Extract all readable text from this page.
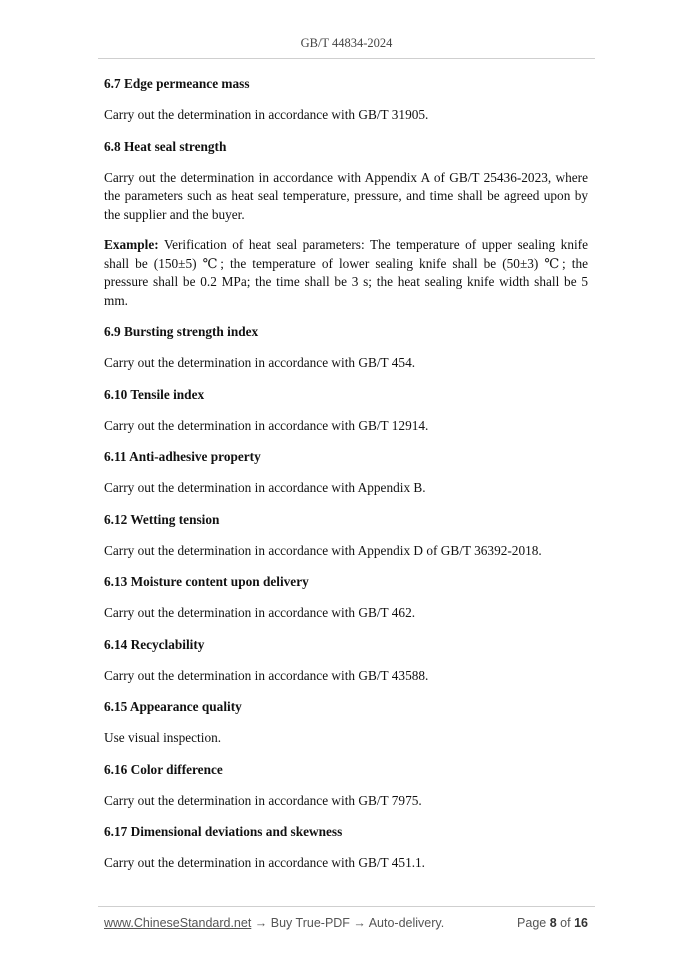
GB/T 44834-2024
6.7 Edge permeance mass
Carry out the determination in accordance with GB/T 31905.
6.8 Heat seal strength
Carry out the determination in accordance with Appendix A of GB/T 25436-2023, where the parameters such as heat seal temperature, pressure, and time shall be agreed upon by the supplier and the buyer.
Example: Verification of heat seal parameters: The temperature of upper sealing knife shall be (150±5) ℃; the temperature of lower sealing knife shall be (50±3) ℃; the pressure shall be 0.2 MPa; the time shall be 3 s; the heat sealing knife width shall be 5 mm.
6.9 Bursting strength index
Carry out the determination in accordance with GB/T 454.
6.10 Tensile index
Carry out the determination in accordance with GB/T 12914.
6.11 Anti-adhesive property
Carry out the determination in accordance with Appendix B.
6.12 Wetting tension
Carry out the determination in accordance with Appendix D of GB/T 36392-2018.
6.13 Moisture content upon delivery
Carry out the determination in accordance with GB/T 462.
6.14 Recyclability
Carry out the determination in accordance with GB/T 43588.
6.15 Appearance quality
Use visual inspection.
6.16 Color difference
Carry out the determination in accordance with GB/T 7975.
6.17 Dimensional deviations and skewness
Carry out the determination in accordance with GB/T 451.1.
www.ChineseStandard.net → Buy True-PDF → Auto-delivery.	Page 8 of 16
